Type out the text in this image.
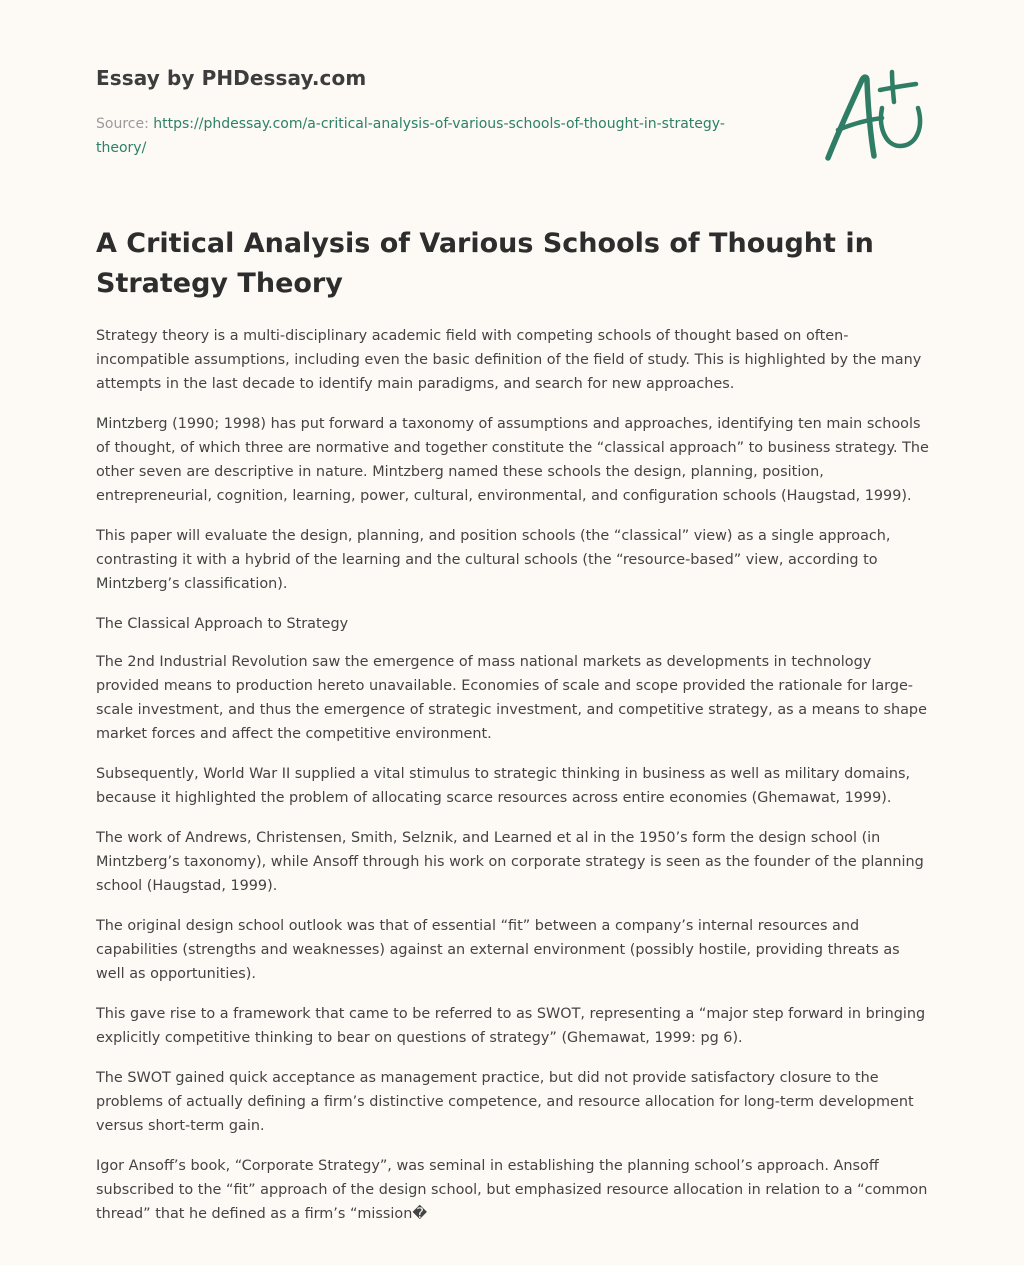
Essay by PHDessay.com
Source: https://phdessay.com/a-critical-analysis-of-various-schools-of-thought-in-strategy-theory/
A Critical Analysis of Various Schools of Thought in Strategy Theory

Strategy theory is a multi-disciplinary academic field with competing schools of thought based on often-incompatible assumptions, including even the basic definition of the field of study. This is highlighted by the many attempts in the last decade to identify main paradigms, and search for new approaches.

Mintzberg (1990; 1998) has put forward a taxonomy of assumptions and approaches, identifying ten main schools of thought, of which three are normative and together constitute the “classical approach” to business strategy. The other seven are descriptive in nature. Mintzberg named these schools the design, planning, position, entrepreneurial, cognition, learning, power, cultural, environmental, and configuration schools (Haugstad, 1999).

This paper will evaluate the design, planning, and position schools (the “classical” view) as a single approach, contrasting it with a hybrid of the learning and the cultural schools (the “resource-based” view, according to Mintzberg’s classification).

The Classical Approach to Strategy

The 2nd Industrial Revolution saw the emergence of mass national markets as developments in technology provided means to production hereto unavailable. Economies of scale and scope provided the rationale for large-scale investment, and thus the emergence of strategic investment, and competitive strategy, as a means to shape market forces and affect the competitive environment.

Subsequently, World War II supplied a vital stimulus to strategic thinking in business as well as military domains, because it highlighted the problem of allocating scarce resources across entire economies (Ghemawat, 1999).

The work of Andrews, Christensen, Smith, Selznik, and Learned et al in the 1950’s form the design school (in Mintzberg’s taxonomy), while Ansoff through his work on corporate strategy is seen as the founder of the planning school (Haugstad, 1999).

The original design school outlook was that of essential “fit” between a company’s internal resources and capabilities (strengths and weaknesses) against an external environment (possibly hostile, providing threats as well as opportunities).

This gave rise to a framework that came to be referred to as SWOT, representing a “major step forward in bringing explicitly competitive thinking to bear on questions of strategy” (Ghemawat, 1999: pg 6).

The SWOT gained quick acceptance as management practice, but did not provide satisfactory closure to the problems of actually defining a firm’s distinctive competence, and resource allocation for long-term development versus short-term gain.

Igor Ansoff’s book, “Corporate Strategy”, was seminal in establishing the planning school’s approach. Ansoff subscribed to the “fit” approach of the design school, but emphasized resource allocation in relation to a “common thread” that he defined as a firm’s “mission�
